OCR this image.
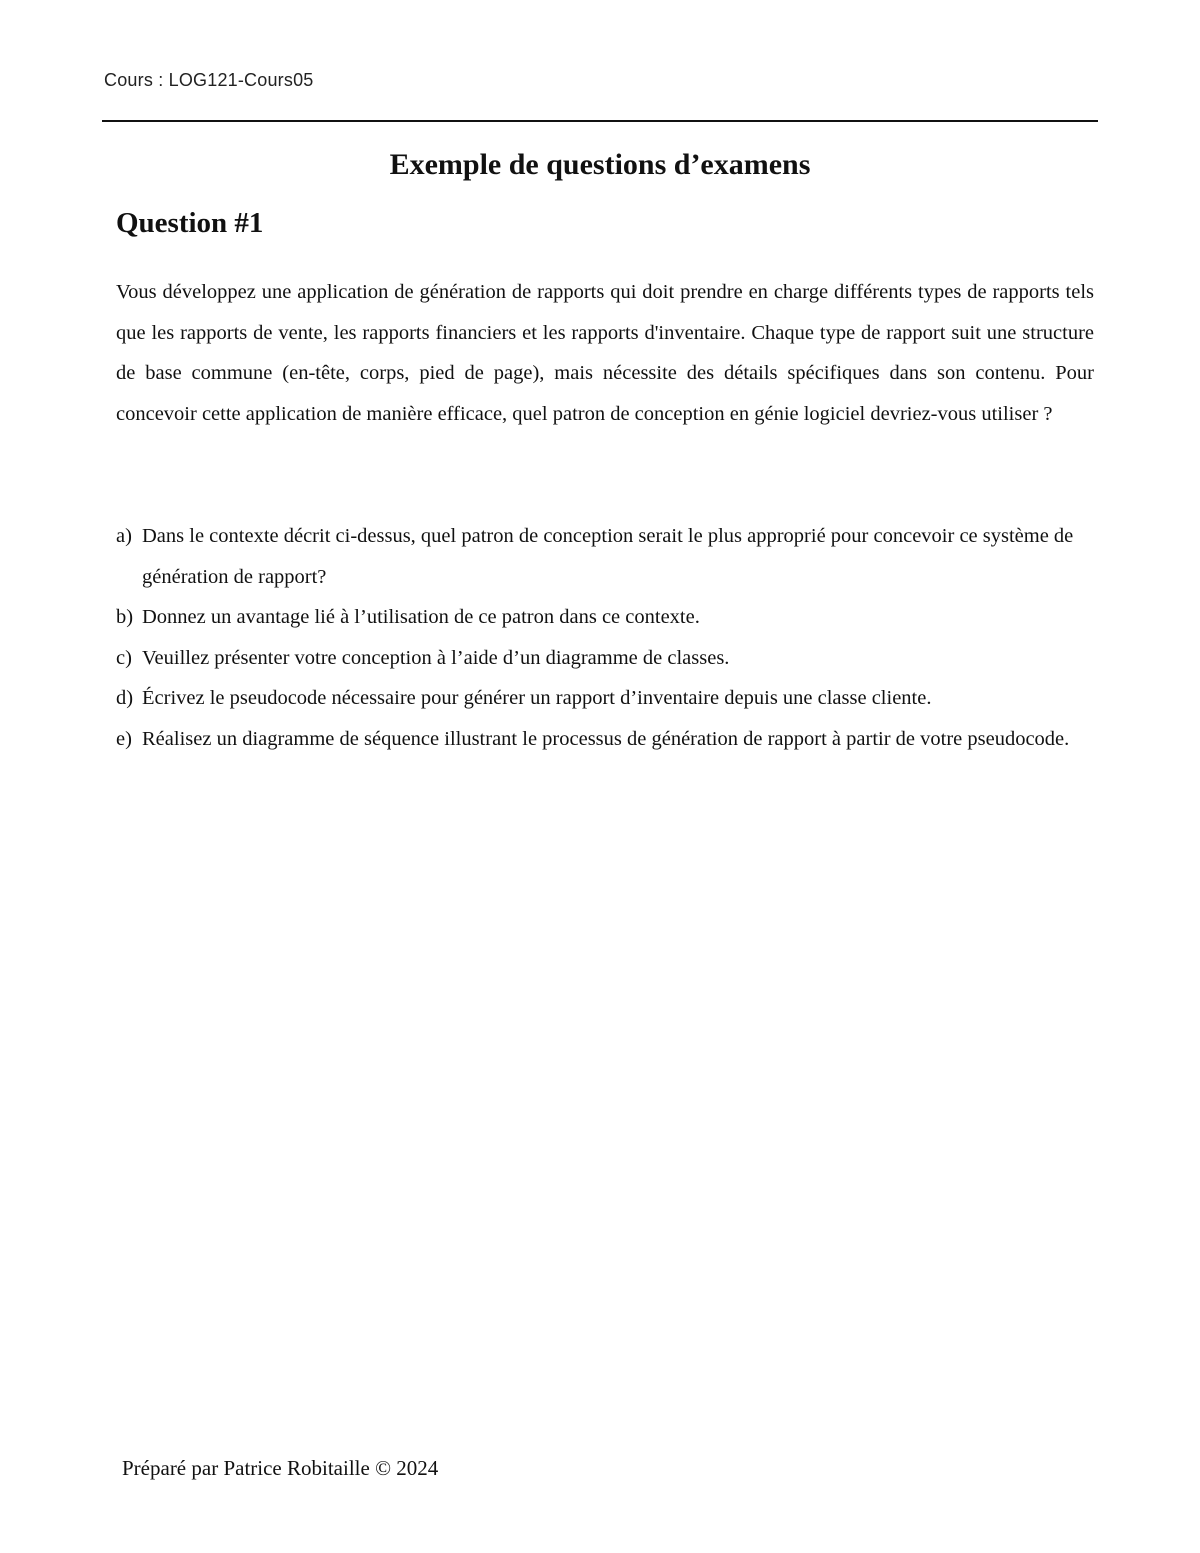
Cours : LOG121-Cours05
Exemple de questions d’examens
Question #1
Vous développez une application de génération de rapports qui doit prendre en charge différents types de rapports tels que les rapports de vente, les rapports financiers et les rapports d'inventaire. Chaque type de rapport suit une structure de base commune (en-tête, corps, pied de page), mais nécessite des détails spécifiques dans son contenu. Pour concevoir cette application de manière efficace, quel patron de conception en génie logiciel devriez-vous utiliser ?
a) Dans le contexte décrit ci-dessus, quel patron de conception serait le plus approprié pour concevoir ce système de génération de rapport?
b) Donnez un avantage lié à l’utilisation de ce patron dans ce contexte.
c) Veuillez présenter votre conception à l’aide d’un diagramme de classes.
d) Écrivez le pseudocode nécessaire pour générer un rapport d’inventaire depuis une classe cliente.
e) Réalisez un diagramme de séquence illustrant le processus de génération de rapport à partir de votre pseudocode.
Préparé par Patrice Robitaille © 2024
